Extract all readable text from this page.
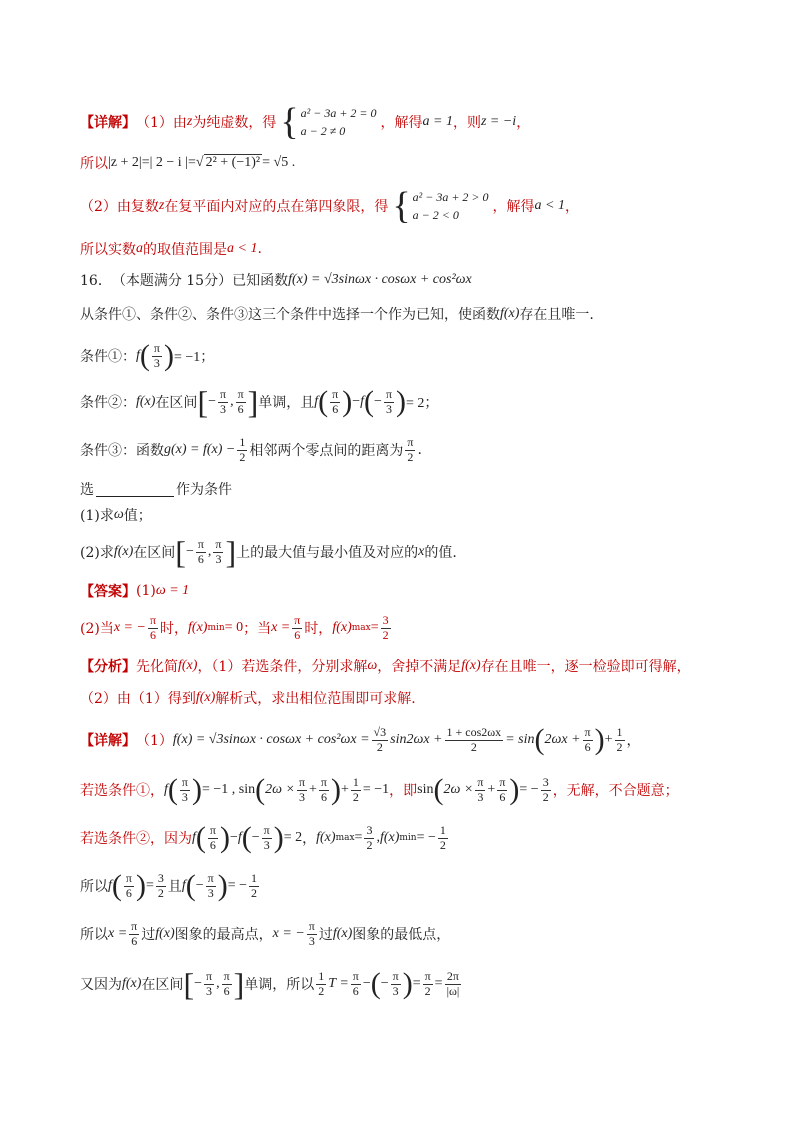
【详解】 （1）由 z 为纯虚数，得 { a² − 3a + 2 = 0
a − 2 ≠ 0	，解得 a = 1 ，则 z = −i ，
所以 |z + 2|=| 2 − i |= √ 2² + (−1)² = √5 .
（2）由复数 z 在复平面内对应的点在第四象限，得 { a² − 3a + 2 > 0
a − 2 < 0	，解得 a < 1 ，
所以实数 a 的取值范围是 a < 1 .
16． （本题满分 15分）已知函数 f(x) = √3sinωx · cosωx + cos²ωx
从条件①、条件②、条件③这三个条件中选择一个作为已知，使函数 f(x) 存在且唯一.
条件①： f ( $\frac{\pi}{3}$ ) = −1；
条件②： f(x) 在区间 [ − $\frac{\pi}{3}$ , $\frac{\pi}{6}$ ] 单调，且 f ( $\frac{\pi}{6}$ ) − f ( − $\frac{\pi}{3}$ ) = 2；
条件③： 函数 $g(x) = f(x) - \frac{1}{2}$ 相邻两个零点间的距离为 $\frac{\pi}{2}$ .
选	作为条件
(1)求 ω 值；
(2)求 f(x) 在区间 [ − $\frac{\pi}{6}$ , $\frac{\pi}{3}$ ] 上的最大值与最小值及对应的 x 的值.
【答案】 (1) ω = 1
(2)当 x = − $\frac{\pi}{6}$ 时， f(x) min = 0 ；当 $x = \frac{\pi}{6}$ 时， f(x) $\max = \frac{3}{2}$
【分析】 先化简 f(x) ，（1）若选条件，分别求解 ω ，舍掉不满足 f(x) 存在且唯一，逐一检验即可得解，
（2）由（1）得到 f(x) 解析式，求出相位范围即可求解.
【详解】 （1） $f(x) = √3\sin\omega x \cdot \cos\omega x + \cos^2\omega x = \frac{√3}{2} \sin 2\omega x + \frac{1 + \cos 2\omega x}{2} = \sin$ ( $2\omega x + \frac{\pi}{6}$ ) + $\frac{1}{2}$ ，
若选条件①， f ( $\frac{\pi}{3}$ ) = −1 , sin ( $2\omega \times \frac{\pi}{3} + \frac{\pi}{6}$ ) + $\frac{1}{2} = -1$ ，即 sin ( $2\omega \times \frac{\pi}{3} + \frac{\pi}{6}$ ) = − $\frac{3}{2}$ ，无解，不合题意；
若选条件②，因为 f ( $\frac{\pi}{6}$ ) − f ( − $\frac{\pi}{3}$ ) = 2 ， f(x) $\max = \frac{3}{2}$ , f(x) min = − $\frac{1}{2}$
所以 f ( $\frac{\pi}{6}$ ) = $\frac{3}{2}$ 且 f ( − $\frac{\pi}{3}$ ) = − $\frac{1}{2}$
所以 $x = \frac{\pi}{6}$ 过 f(x) 图象的最高点， x = − $\frac{\pi}{3}$ 过 f(x) 图象的最低点，
又因为 f(x) 在区间 [ − $\frac{\pi}{3}$ , $\frac{\pi}{6}$ ] 单调，所以 $\frac{1}{2}$ $T = \frac{\pi}{6}$ − ( − $\frac{\pi}{3}$ ) = $\frac{\pi}{2} = \frac{2\pi}{|\omega|}$
